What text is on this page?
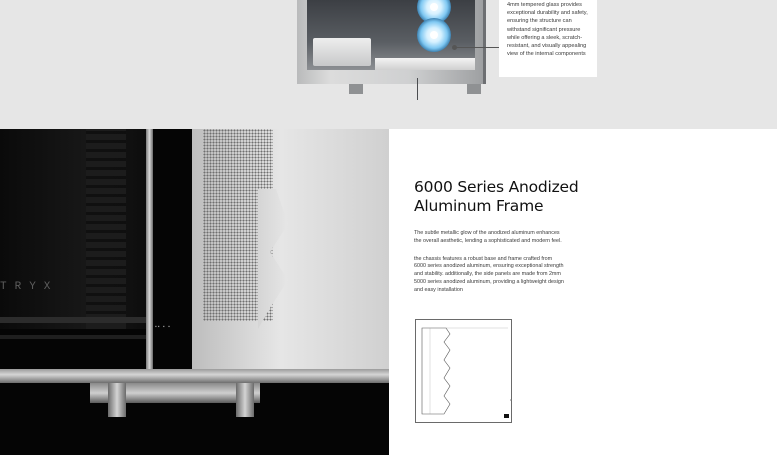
4mm tempered glass provides

exceptional durability and safety,

ensuring the structure can

withstand significant pressure

while offering a sleek, scratch-

resistant, and visually appealing

view of the internal components

TRYX
▪▪ ▪ ▪
6000 Series Anodized
Aluminum Frame

The subtle metallic glow of the anodized aluminum enhances
the overall aesthetic, lending a sophisticated and modern feel.

the chassis features a robust base and frame crafted from
6000 series anodized aluminum, ensuring exceptional strength
and stability. additionally, the side panels are made from 2mm
5000 series anodized aluminum, providing a lightweight design
and easy installation
